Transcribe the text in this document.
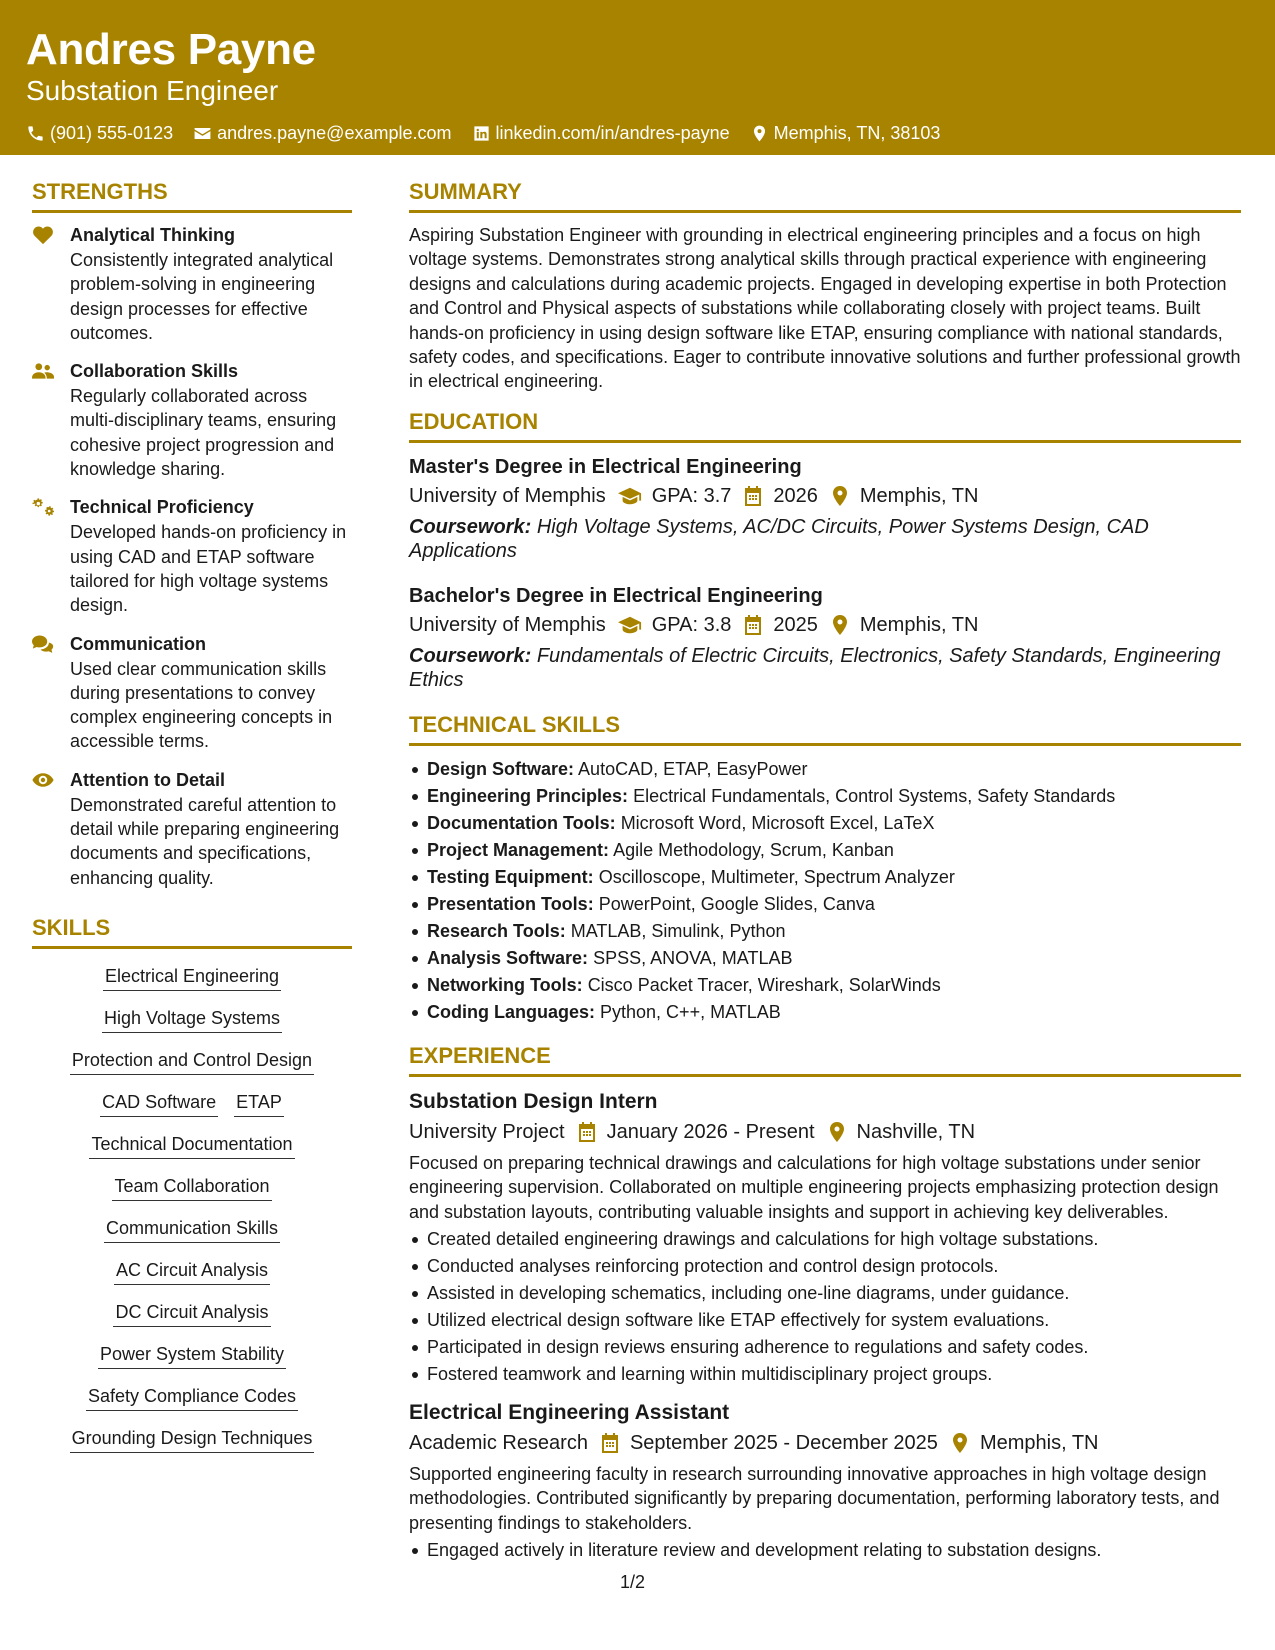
Andres Payne
Substation Engineer
(901) 555-0123 andres.payne@example.com linkedin.com/in/andres-payne Memphis, TN, 38103
STRENGTHS
Analytical Thinking
Consistently integrated analytical problem-solving in engineering design processes for effective outcomes.
Collaboration Skills
Regularly collaborated across multi-disciplinary teams, ensuring cohesive project progression and knowledge sharing.
Technical Proficiency
Developed hands-on proficiency in using CAD and ETAP software tailored for high voltage systems design.
Communication
Used clear communication skills during presentations to convey complex engineering concepts in accessible terms.
Attention to Detail
Demonstrated careful attention to detail while preparing engineering documents and specifications, enhancing quality.
SKILLS
Electrical Engineering
High Voltage Systems
Protection and Control Design
CAD Software ETAP
Technical Documentation
Team Collaboration
Communication Skills
AC Circuit Analysis
DC Circuit Analysis
Power System Stability
Safety Compliance Codes
Grounding Design Techniques
SUMMARY

Aspiring Substation Engineer with grounding in electrical engineering principles and a focus on high voltage systems. Demonstrates strong analytical skills through practical experience with engineering designs and calculations during academic projects. Engaged in developing expertise in both Protection and Control and Physical aspects of substations while collaborating closely with project teams. Built hands-on proficiency in using design software like ETAP, ensuring compliance with national standards, safety codes, and specifications. Eager to contribute innovative solutions and further professional growth in electrical engineering.

EDUCATION
Master's Degree in Electrical Engineering
University of Memphis GPA: 3.7 2026 Memphis, TN
Coursework: High Voltage Systems, AC/DC Circuits, Power Systems Design, CAD Applications
Bachelor's Degree in Electrical Engineering
University of Memphis GPA: 3.8 2025 Memphis, TN
Coursework: Fundamentals of Electric Circuits, Electronics, Safety Standards, Engineering Ethics
TECHNICAL SKILLS
Design Software: AutoCAD, ETAP, EasyPower
Engineering Principles: Electrical Fundamentals, Control Systems, Safety Standards
Documentation Tools: Microsoft Word, Microsoft Excel, LaTeX
Project Management: Agile Methodology, Scrum, Kanban
Testing Equipment: Oscilloscope, Multimeter, Spectrum Analyzer
Presentation Tools: PowerPoint, Google Slides, Canva
Research Tools: MATLAB, Simulink, Python
Analysis Software: SPSS, ANOVA, MATLAB
Networking Tools: Cisco Packet Tracer, Wireshark, SolarWinds
Coding Languages: Python, C++, MATLAB
EXPERIENCE
Substation Design Intern
University Project January 2026 - Present Nashville, TN

Focused on preparing technical drawings and calculations for high voltage substations under senior engineering supervision. Collaborated on multiple engineering projects emphasizing protection design and substation layouts, contributing valuable insights and support in achieving key deliverables.

Created detailed engineering drawings and calculations for high voltage substations.
Conducted analyses reinforcing protection and control design protocols.
Assisted in developing schematics, including one-line diagrams, under guidance.
Utilized electrical design software like ETAP effectively for system evaluations.
Participated in design reviews ensuring adherence to regulations and safety codes.
Fostered teamwork and learning within multidisciplinary project groups.
Electrical Engineering Assistant
Academic Research September 2025 - December 2025 Memphis, TN

Supported engineering faculty in research surrounding innovative approaches in high voltage design methodologies. Contributed significantly by preparing documentation, performing laboratory tests, and presenting findings to stakeholders.

Engaged actively in literature review and development relating to substation designs.
1/2
